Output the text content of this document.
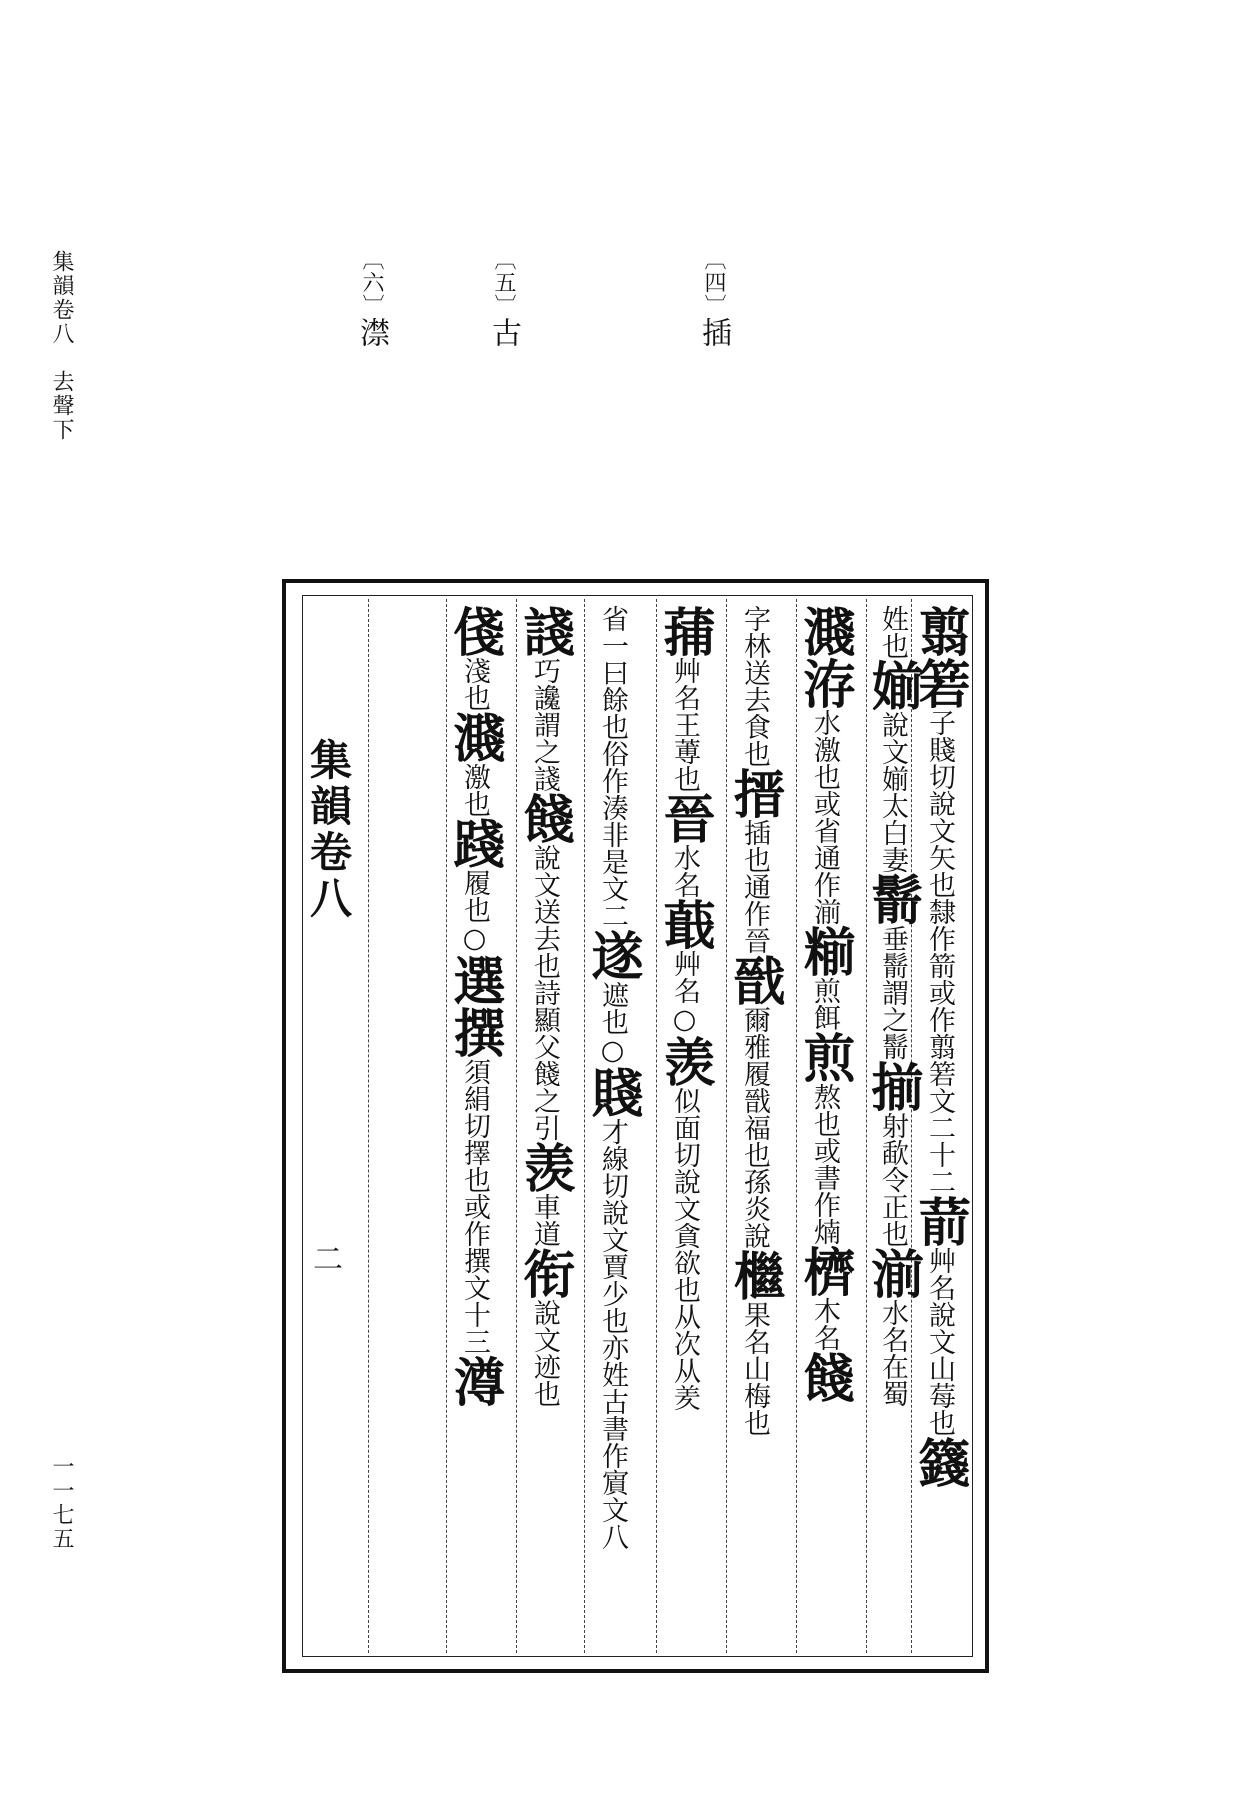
集韻卷八　去聲下
一一七五
〔四〕插
〔五〕古
〔六〕澿
集韻卷八
二
翦箬子賤切說文矢也隸作箭或作翦箬文二十二葥艸名說文山莓也籛
姓也媊說文媊太白妻鬋垂鬋謂之鬋揃射歃令正也湔水名在蜀
濺洊水激也或省通作湔糋煎餌煎熬也或書作煵櫅木名餞
字林送去食也搢插也通作晉戩爾雅履戩福也孫炎說檵果名山梅也
蒱艸名王蒪也晉水名蕺艸名○羡似面切說文貪欲也从次从羑
省一曰餘也俗作湊非是文二遂遮也○賤才線切說文賈少也亦姓古書作賔文八
諓巧讒謂之諓餞說文送去也詩顯父餞之引羡車道衔說文迹也
俴淺也濺激也踐履也○選撰須絹切擇也或作撰文十三澊
